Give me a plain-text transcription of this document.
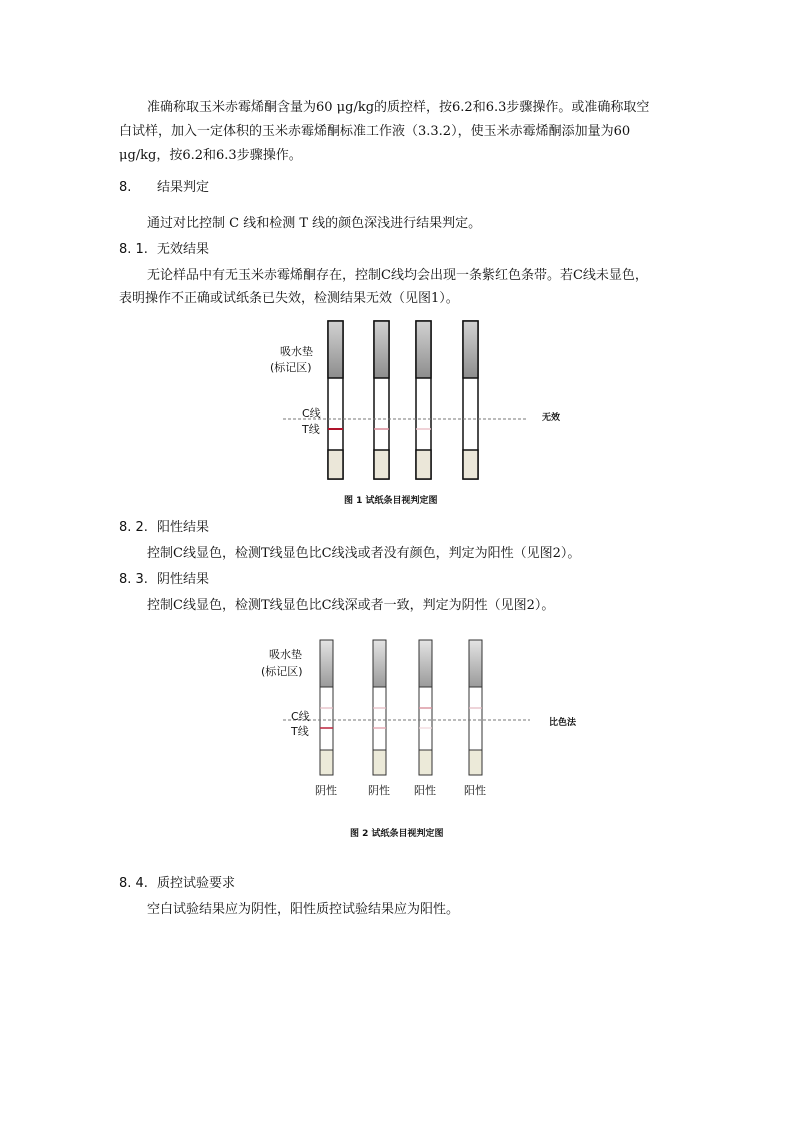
准确称取玉米赤霉烯酮含量为60 μg/kg的质控样，按6.2和6.3步骤操作。或准确称取空
白试样，加入一定体积的玉米赤霉烯酮标准工作液（3.3.2），使玉米赤霉烯酮添加量为60
μg/kg，按6.2和6.3步骤操作。
8. 结果判定
通过对比控制 C 线和检测 T 线的颜色深浅进行结果判定。
8. 1. 无效结果
无论样品中有无玉米赤霉烯酮存在，控制C线均会出现一条紫红色条带。若C线未显色，
表明操作不正确或试纸条已失效，检测结果无效（见图1）。
吸水垫
(标记区)
C线
T线
无效
图 1 试纸条目视判定图
8. 2. 阳性结果
控制C线显色，检测T线显色比C线浅或者没有颜色，判定为阳性（见图2）。
8. 3. 阴性结果
控制C线显色，检测T线显色比C线深或者一致，判定为阴性（见图2）。
吸水垫
(标记区)
C线
T线
比色法
阴性	阴性 阳性	阳性
图 2 试纸条目视判定图
8. 4. 质控试验要求
空白试验结果应为阴性，阳性质控试验结果应为阳性。
